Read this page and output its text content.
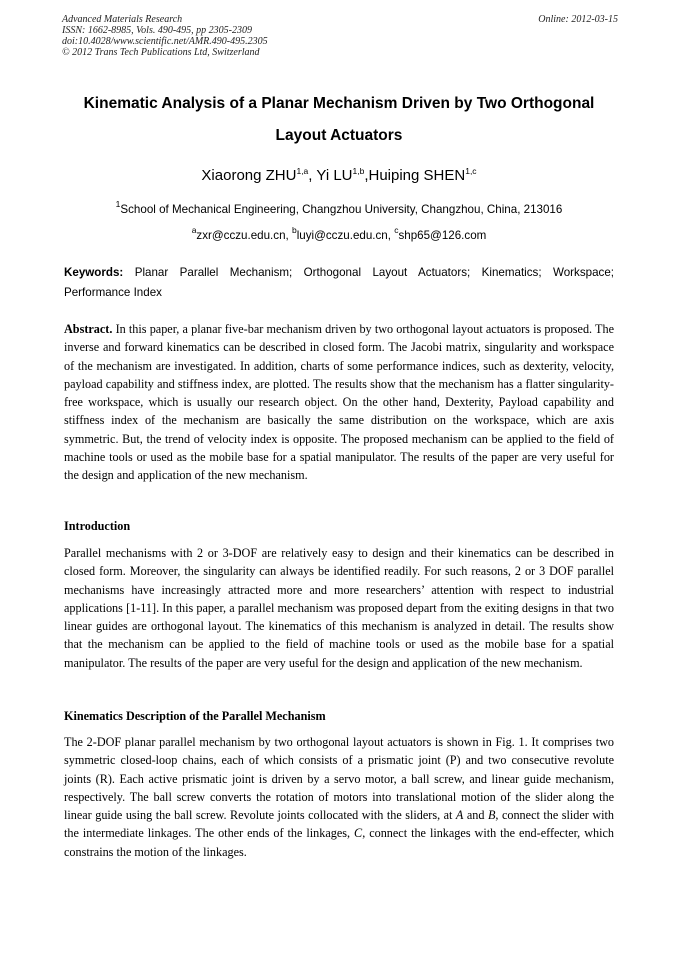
Advanced Materials Research
ISSN: 1662-8985, Vols. 490-495, pp 2305-2309
doi:10.4028/www.scientific.net/AMR.490-495.2305
© 2012 Trans Tech Publications Ltd, Switzerland
Online: 2012-03-15
Kinematic Analysis of a Planar Mechanism Driven by Two Orthogonal
Layout Actuators
Xiaorong ZHU$^{1,a}$, Yi LU$^{1,b}$,Huiping SHEN$^{1,c}$
$^1$School of Mechanical Engineering, Changzhou University, Changzhou, China, 213016
$^a$zxr@cczu.edu.cn, $^b$luyi@cczu.edu.cn, $^c$shp65@126.com
Keywords: Planar Parallel Mechanism; Orthogonal Layout Actuators; Kinematics; Workspace; Performance Index
Abstract. In this paper, a planar five-bar mechanism driven by two orthogonal layout actuators is proposed. The inverse and forward kinematics can be described in closed form. The Jacobi matrix, singularity and workspace of the mechanism are investigated. In addition, charts of some performance indices, such as dexterity, velocity, payload capability and stiffness index, are plotted. The results show that the mechanism has a flatter singularity-free workspace, which is usually our research object. On the other hand, Dexterity, Payload capability and stiffness index of the mechanism are basically the same distribution on the workspace, which are axis symmetric. But, the trend of velocity index is opposite. The proposed mechanism can be applied to the field of machine tools or used as the mobile base for a spatial manipulator. The results of the paper are very useful for the design and application of the new mechanism.
Introduction
Parallel mechanisms with 2 or 3-DOF are relatively easy to design and their kinematics can be described in closed form. Moreover, the singularity can always be identified readily. For such reasons, 2 or 3 DOF parallel mechanisms have increasingly attracted more and more researchers’ attention with respect to industrial applications [1-11]. In this paper, a parallel mechanism was proposed depart from the exiting designs in that two linear guides are orthogonal layout. The kinematics of this mechanism is analyzed in detail. The results show that the mechanism can be applied to the field of machine tools or used as the mobile base for a spatial manipulator. The results of the paper are very useful for the design and application of the new mechanism.
Kinematics Description of the Parallel Mechanism
The 2-DOF planar parallel mechanism by two orthogonal layout actuators is shown in Fig. 1. It comprises two symmetric closed-loop chains, each of which consists of a prismatic joint (P) and two consecutive revolute joints (R). Each active prismatic joint is driven by a servo motor, a ball screw, and linear guide mechanism, respectively. The ball screw converts the rotation of motors into translational motion of the slider along the linear guide using the ball screw. Revolute joints collocated with the sliders, at A and B, connect the slider with the intermediate linkages. The other ends of the linkages, C, connect the linkages with the end-effecter, which constrains the motion of the linkages.
